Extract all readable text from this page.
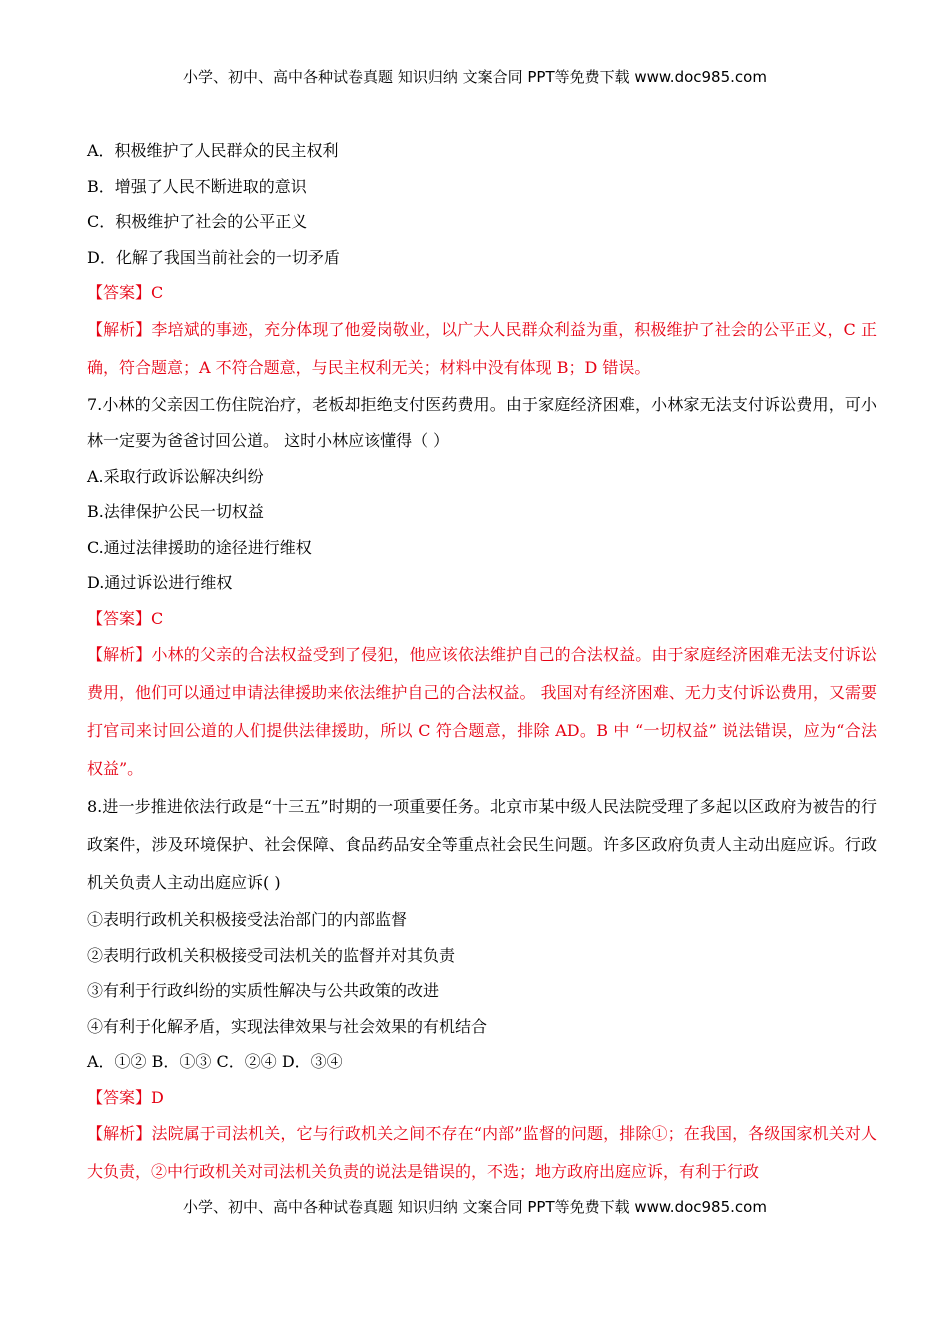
小学、初中、高中各种试卷真题 知识归纳 文案合同 PPT等免费下载 www.doc985.com
A．积极维护了人民群众的民主权利
B．增强了人民不断进取的意识
C．积极维护了社会的公平正义
D．化解了我国当前社会的一切矛盾
【答案】C
【解析】李培斌的事迹，充分体现了他爱岗敬业，以广大人民群众利益为重，积极维护了社会的公平正义，C 正确，符合题意；A 不符合题意，与民主权利无关；材料中没有体现 B；D 错误。
7.小林的父亲因工伤住院治疗，老板却拒绝支付医药费用。由于家庭经济困难，小林家无法支付诉讼费用，可小林一定要为爸爸讨回公道。 这时小林应该懂得（ ）
A.采取行政诉讼解决纠纷
B.法律保护公民一切权益
C.通过法律援助的途径进行维权
D.通过诉讼进行维权
【答案】C
【解析】小林的父亲的合法权益受到了侵犯，他应该依法维护自己的合法权益。由于家庭经济困难无法支付诉讼费用，他们可以通过申请法律援助来依法维护自己的合法权益。 我国对有经济困难、无力支付诉讼费用，又需要打官司来讨回公道的人们提供法律援助，所以 C 符合题意，排除 AD。B 中 “一切权益” 说法错误，应为“合法权益”。
8.进一步推进依法行政是“十三五”时期的一项重要任务。北京市某中级人民法院受理了多起以区政府为被告的行政案件，涉及环境保护、社会保障、食品药品安全等重点社会民生问题。许多区政府负责人主动出庭应诉。行政机关负责人主动出庭应诉( )
①表明行政机关积极接受法治部门的内部监督
②表明行政机关积极接受司法机关的监督并对其负责
③有利于行政纠纷的实质性解决与公共政策的改进
④有利于化解矛盾，实现法律效果与社会效果的有机结合
A．①② B．①③ C．②④ D．③④
【答案】D
【解析】法院属于司法机关，它与行政机关之间不存在“内部”监督的问题，排除①；在我国，各级国家机关对人大负责，②中行政机关对司法机关负责的说法是错误的，不选；地方政府出庭应诉，有利于行政
小学、初中、高中各种试卷真题 知识归纳 文案合同 PPT等免费下载 www.doc985.com
